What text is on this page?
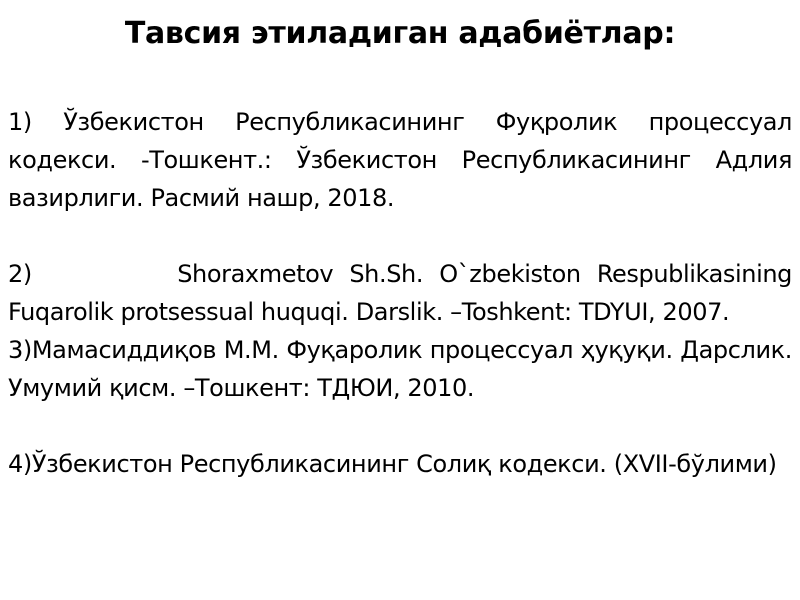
Тавсия этиладиган адабиётлар:

1) Ўзбекистон Республикасининг Фуқролик процессуал кодекси. -Тошкент.: Ўзбекистон Республикасининг Адлия вазирлиги. Расмий нашр, 2018.

2)         Shoraxmetov Sh.Sh. O`zbekiston Respublikasining Fuqarolik protsessual huquqi. Darslik. –Toshkent: TDYUI, 2007.

3)Мамасиддиқов М.М. Фуқаролик процессуал ҳуқуқи. Дарслик. Умумий қисм. –Тошкент: ТДЮИ, 2010.

4)Ўзбекистон Республикасининг Солиқ кодекси. (XVII-бўлими)
